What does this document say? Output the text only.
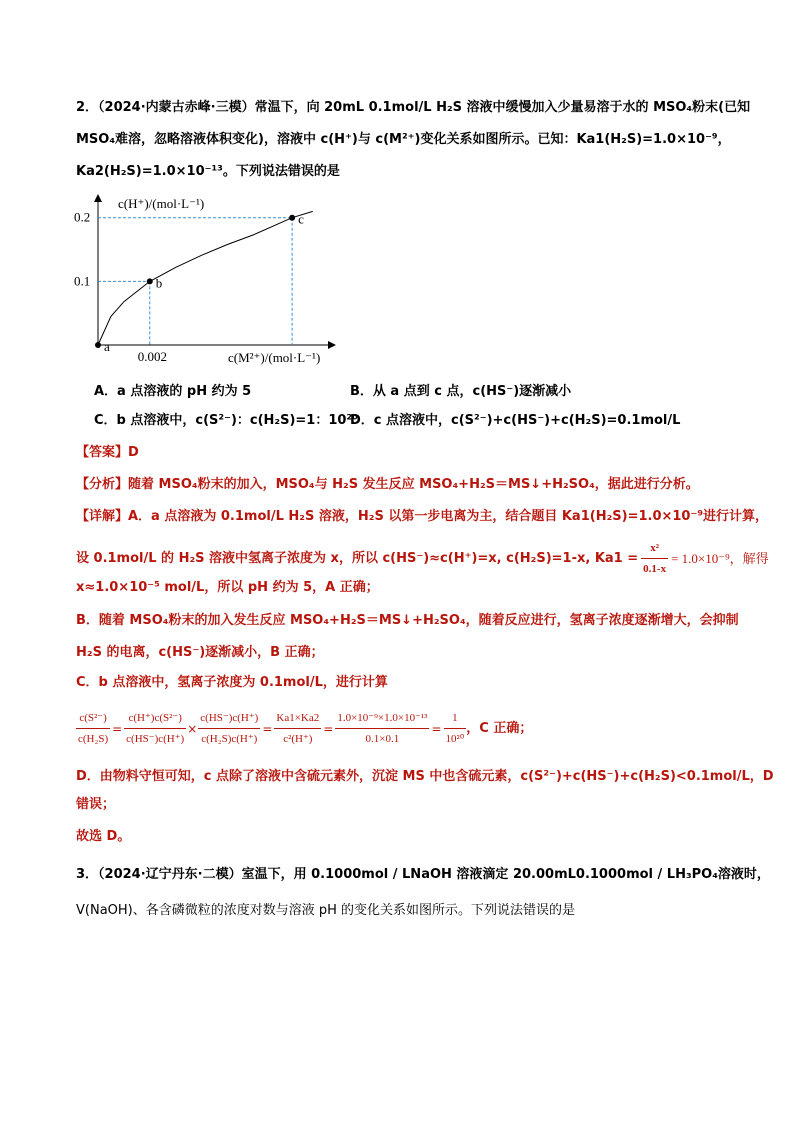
2．（2024·内蒙古赤峰·三模）常温下，向 20mL 0.1mol/L H₂S 溶液中缓慢加入少量易溶于水的 MSO₄粉末(已知
MSO₄难溶，忽略溶液体积变化)，溶液中 c(H⁺)与 c(M²⁺)变化关系如图所示。已知：Ka1(H₂S)=1.0×10⁻⁹，
Ka2(H₂S)=1.0×10⁻¹³。下列说法错误的是
c(H⁺)/(mol·L⁻¹)
c(M²⁺)/(mol·L⁻¹)
a
b
c
0.2
0.1
0.002
A．a 点溶液的 pH 约为 5	B．从 a 点到 c 点，c(HS⁻)逐渐减小
C．b 点溶液中，c(S²⁻)：c(H₂S)=1：10²⁰
D．c 点溶液中，c(S²⁻)+c(HS⁻)+c(H₂S)=0.1mol/L
【答案】D
【分析】随着 MSO₄粉末的加入，MSO₄与 H₂S 发生反应 MSO₄+H₂S＝MS↓+H₂SO₄，据此进行分析。
【详解】A．a 点溶液为 0.1mol/L H₂S 溶液，H₂S 以第一步电离为主，结合题目 Ka1(H₂S)=1.0×10⁻⁹进行计算，
设 0.1mol/L 的 H₂S 溶液中氢离子浓度为 x，所以 c(HS⁻)≈c(H⁺)=x, c(H₂S)=1-x, $Ka1 = \frac{\text{x²}}{0.1-x} = 1.0\times 10^{-9}$，解得
x≈1.0×10⁻⁵ mol/L，所以 pH 约为 5，A 正确；
B．随着 MSO₄粉末的加入发生反应 MSO₄+H₂S＝MS↓+H₂SO₄，随着反应进行，氢离子浓度逐渐增大，会抑制
H₂S 的电离，c(HS⁻)逐渐减小，B 正确；
C．b 点溶液中，氢离子浓度为 0.1mol/L，进行计算
$\frac{\text{c(S²⁻)}}{\text{c(H₂S)}} = \frac{\text{c(H⁺)c(S²⁻)}}{c(HS^-)c(H^+)} \times \frac{c(HS^-)c(H^+)}{\text{c(H₂S)c(H⁺)}} = \frac{Ka1\times Ka2}{\text{c²(H⁺)}} = \frac{\text{1.0×10⁻⁹×1.0×10⁻¹³}}{0.1\times 0.1} = \frac{1}{\text{10²⁰}}$ ，C 正确；
D．由物料守恒可知，c 点除了溶液中含硫元素外，沉淀 MS 中也含硫元素，c(S²⁻)+c(HS⁻)+c(H₂S)<0.1mol/L，D
错误；
故选 D。
3．（2024·辽宁丹东·二模）室温下，用 0.1000mol / LNaOH 溶液滴定 20.00mL0.1000mol / LH₃PO₄溶液时，
V(NaOH)、各含磷微粒的浓度对数与溶液 pH 的变化关系如图所示。下列说法错误的是
